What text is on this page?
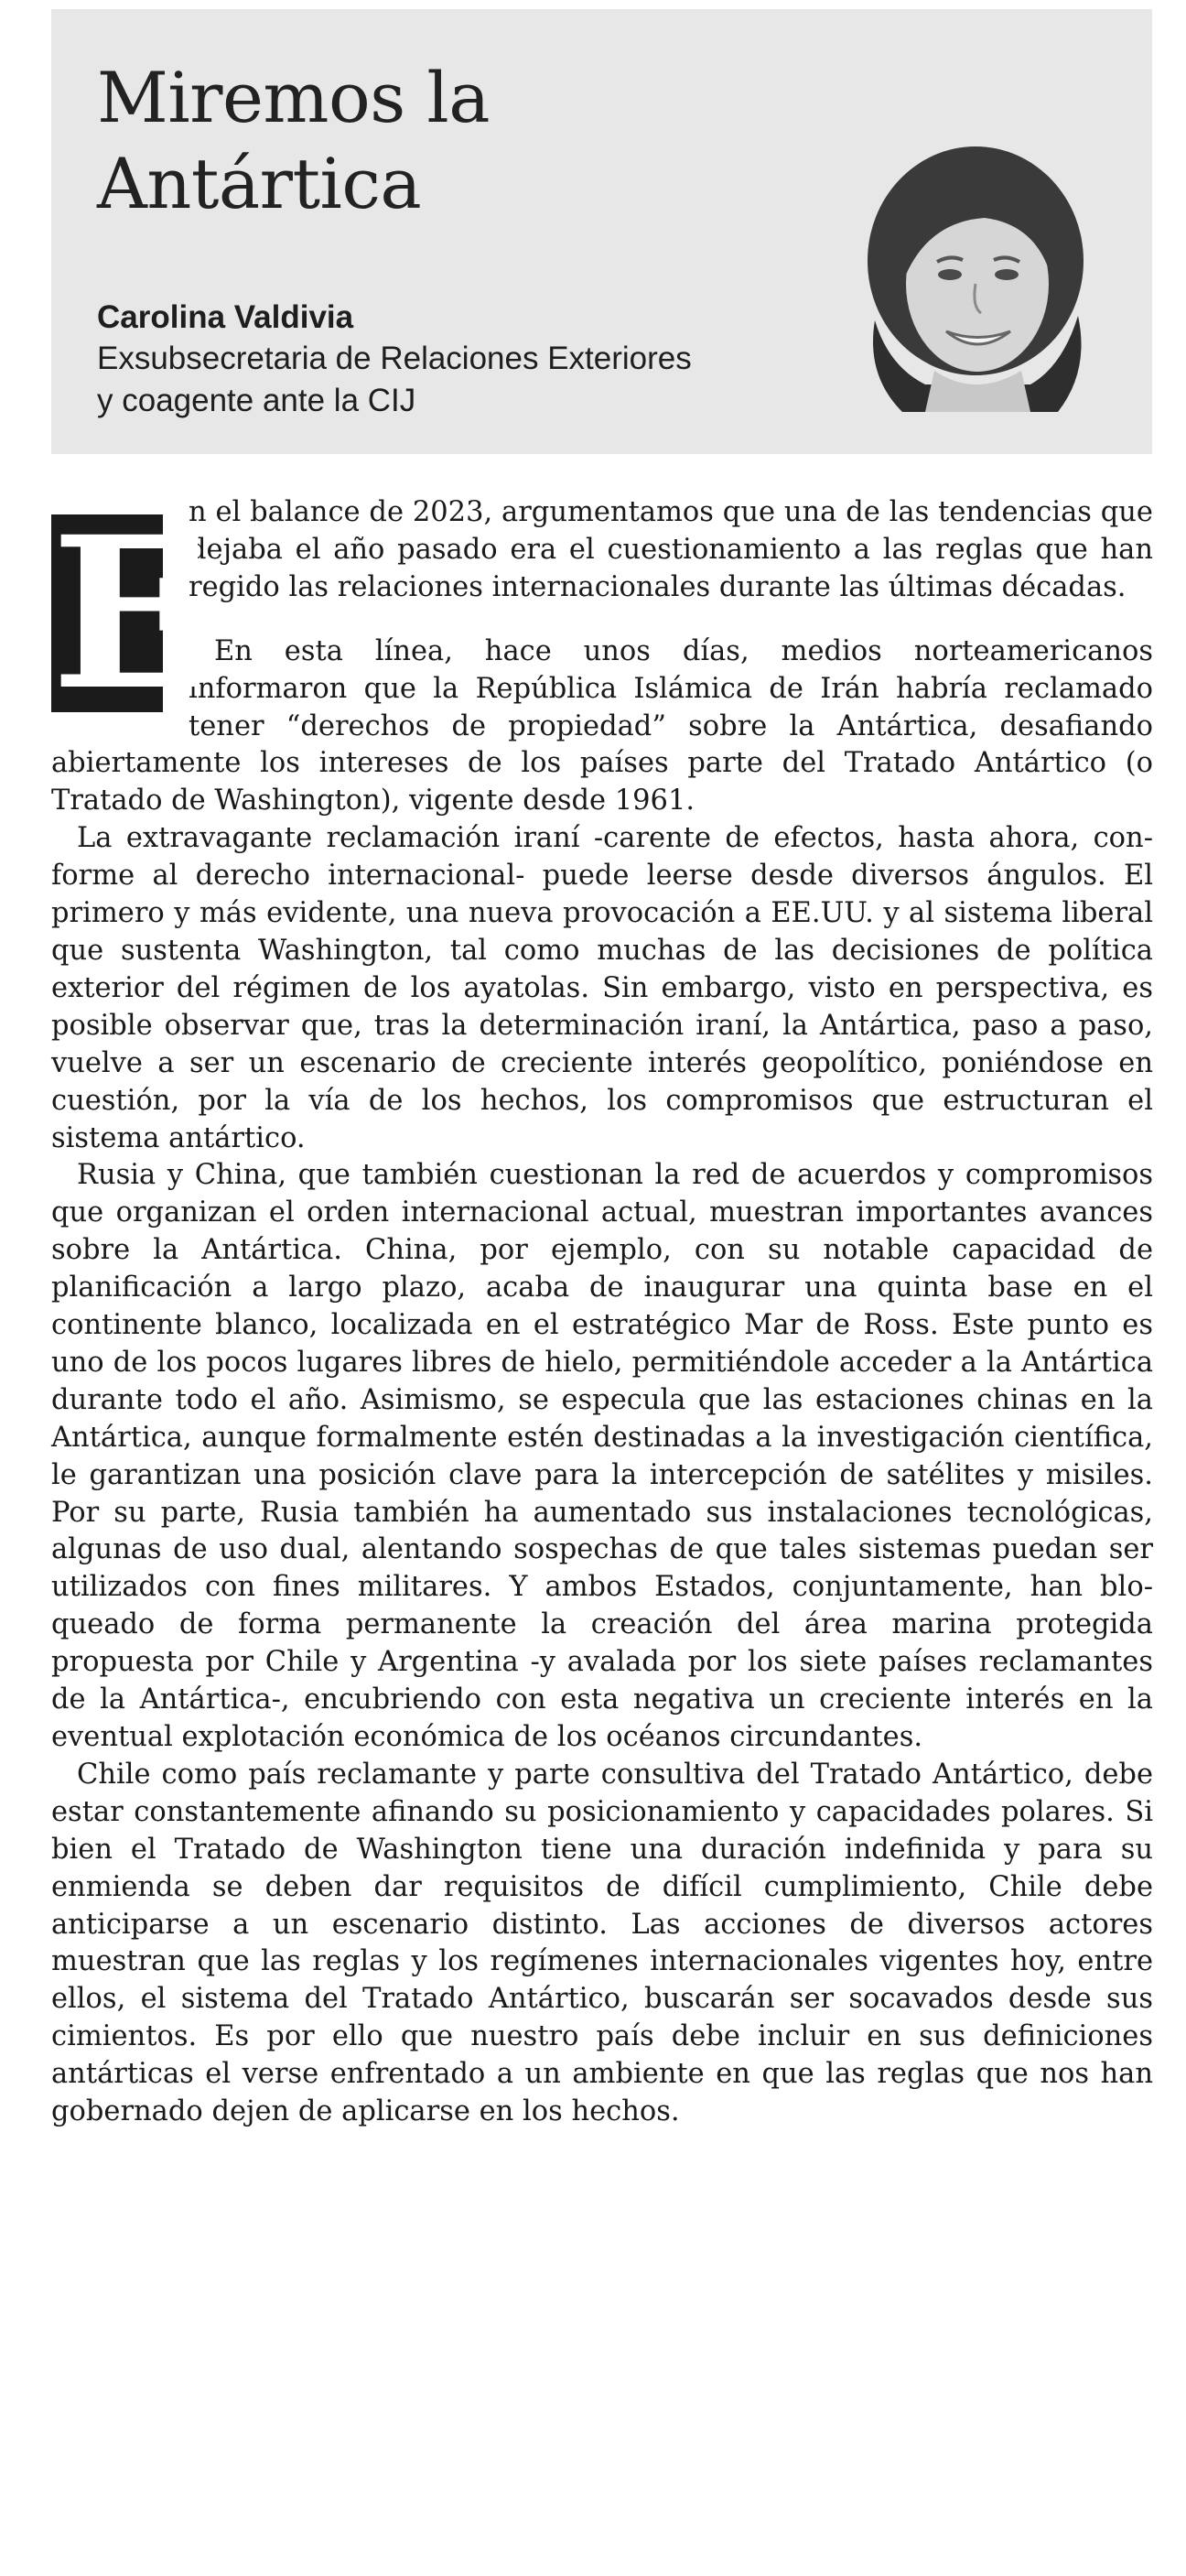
Miremos la
Antártica
Carolina Valdivia
Exsubsecretaria de Relaciones Exteriores
y coagente ante la CIJ

E
n el balance de 2023, argumentamos que una de las tendencias que dejaba el año pasado era el cuestionamiento a las reglas que han regido las relaciones internacionales durante las últimas décadas.

En esta línea, hace unos días, medios norteamericanos informaron que la República Islámica de Irán habría reclamado tener “derechos de propiedad” sobre la Antártica, desafiando abiertamente los intereses de los países parte del Tratado Antártico (o Tratado de Washington), vigente desde 1961.

La extravagante reclamación iraní -carente de efectos, hasta ahora, conforme al derecho internacional- puede leerse desde diversos ángulos. El primero y más evidente, una nueva provocación a EE.UU. y al sistema liberal que sustenta Washington, tal como muchas de las decisiones de política exterior del régimen de los ayatolas. Sin embargo, visto en perspectiva, es posible observar que, tras la determinación iraní, la Antártica, paso a paso, vuelve a ser un escenario de creciente interés geopolítico, poniéndose en cuestión, por la vía de los hechos, los compromisos que estructuran el sistema antártico.

Rusia y China, que también cuestionan la red de acuerdos y compromisos que organizan el orden internacional actual, muestran importantes avances sobre la Antártica. China, por ejemplo, con su notable capacidad de planificación a largo plazo, acaba de inaugurar una quinta base en el continente blanco, localizada en el estratégico Mar de Ross. Este punto es uno de los pocos lugares libres de hielo, permitiéndole acceder a la Antártica durante todo el año. Asimismo, se especula que las estaciones chinas en la Antártica, aunque formalmente estén destinadas a la investigación científica, le garantizan una posición clave para la intercepción de satélites y misiles. Por su parte, Rusia también ha aumentado sus instalaciones tecnológicas, algunas de uso dual, alentando sospechas de que tales sistemas puedan ser utilizados con fines militares. Y ambos Estados, conjuntamente, han bloqueado de forma permanente la creación del área marina protegida propuesta por Chile y Argentina -y avalada por los siete países reclamantes de la Antártica-, encubriendo con esta negativa un creciente interés en la eventual explotación económica de los océanos circundantes.

Chile como país reclamante y parte consultiva del Tratado Antártico, debe estar constantemente afinando su posicionamiento y capacidades polares. Si bien el Tratado de Washington tiene una duración indefinida y para su enmienda se deben dar requisitos de difícil cumplimiento, Chile debe anticiparse a un escenario distinto. Las acciones de diversos actores muestran que las reglas y los regímenes internacionales vigentes hoy, entre ellos, el sistema del Tratado Antártico, buscarán ser socavados desde sus cimientos. Es por ello que nuestro país debe incluir en sus definiciones antárticas el verse enfrentado a un ambiente en que las reglas que nos han gobernado dejen de aplicarse en los hechos.
